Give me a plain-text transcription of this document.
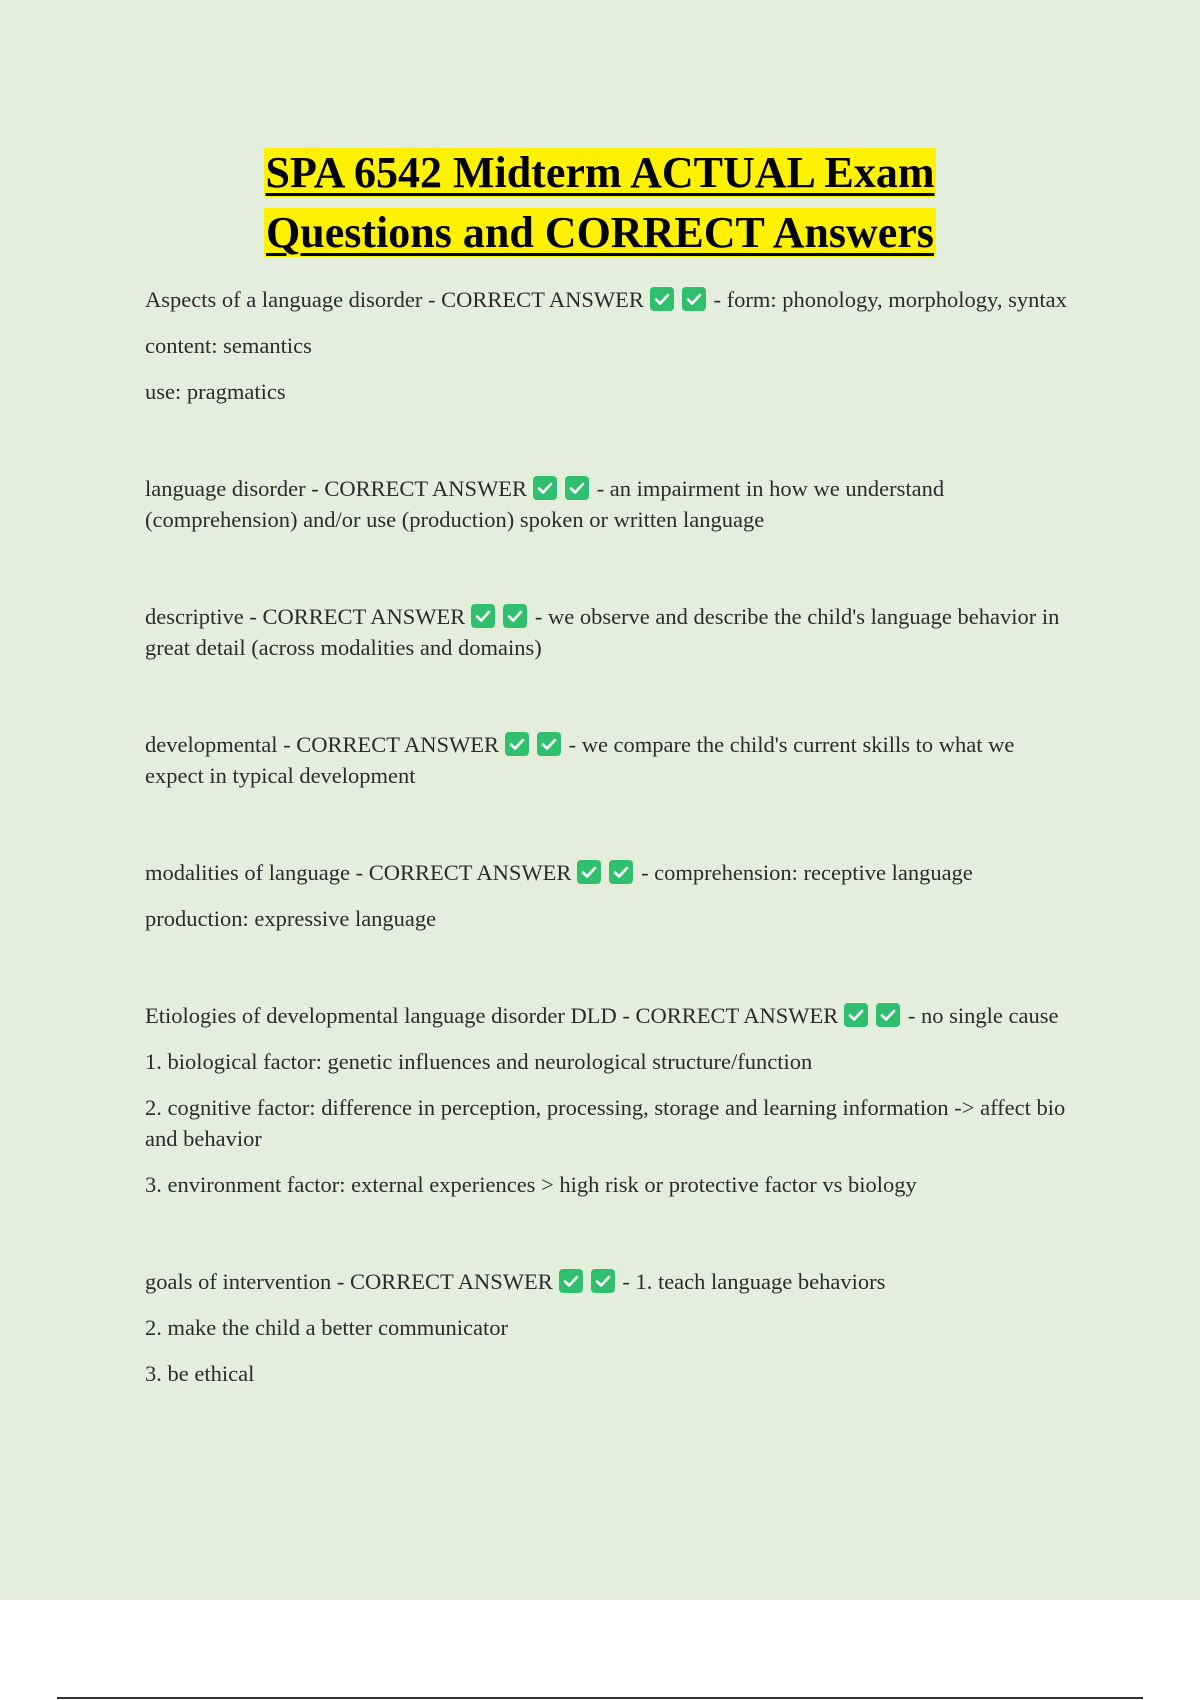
SPA 6542 Midterm ACTUAL Exam
Questions and CORRECT Answers

Aspects of a language disorder - CORRECT ANSWER	- form: phonology, morphology, syntax

content: semantics

use: pragmatics

language disorder - CORRECT ANSWER	- an impairment in how we understand (comprehension) and/or use (production) spoken or written language

descriptive - CORRECT ANSWER	- we observe and describe the child's language behavior in great detail (across modalities and domains)

developmental - CORRECT ANSWER	- we compare the child's current skills to what we expect in typical development

modalities of language - CORRECT ANSWER	- comprehension: receptive language

production: expressive language

Etiologies of developmental language disorder DLD - CORRECT ANSWER	- no single cause

1. biological factor: genetic influences and neurological structure/function

2. cognitive factor: difference in perception, processing, storage and learning information -> affect bio and behavior

3. environment factor: external experiences > high risk or protective factor vs biology

goals of intervention - CORRECT ANSWER	- 1. teach language behaviors

2. make the child a better communicator

3. be ethical
